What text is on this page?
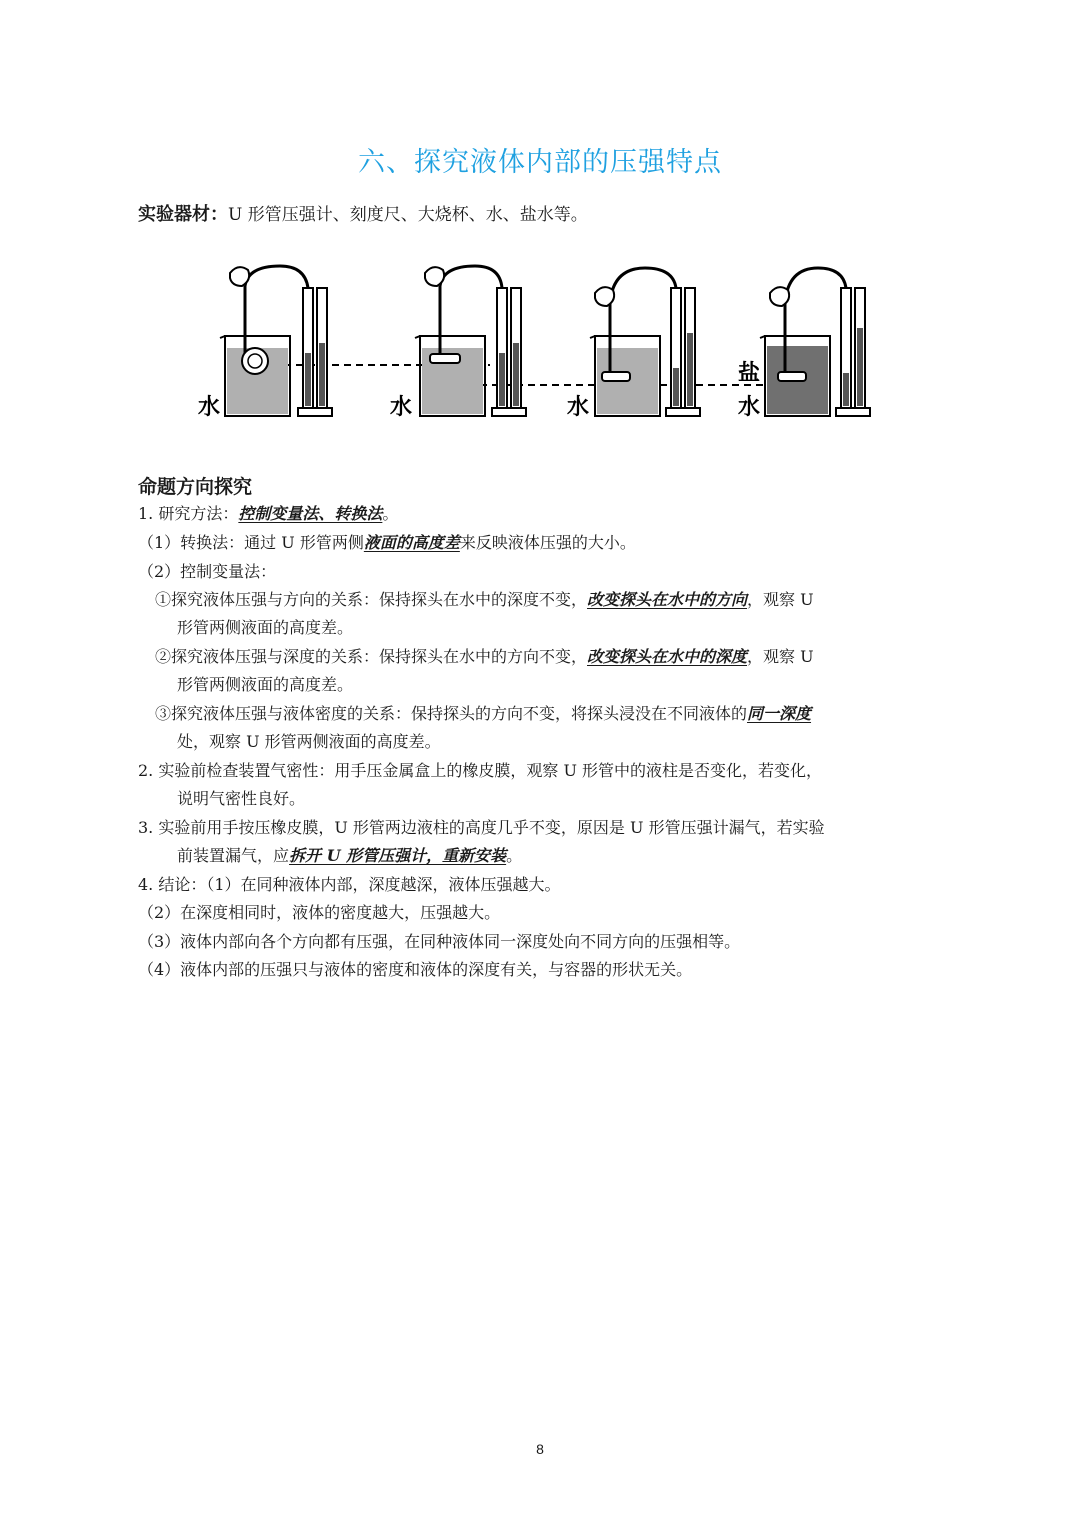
六、探究液体内部的压强特点
实验器材：U 形管压强计、刻度尺、大烧杯、水、盐水等。
水	水	水
盐
水
命题方向探究
1. 研究方法：控制变量法、转换法。
（1）转换法：通过 U 形管两侧液面的高度差来反映液体压强的大小。
（2）控制变量法：
①探究液体压强与方向的关系：保持探头在水中的深度不变，改变探头在水中的方向，观察 U
形管两侧液面的高度差。
②探究液体压强与深度的关系：保持探头在水中的方向不变，改变探头在水中的深度，观察 U
形管两侧液面的高度差。
③探究液体压强与液体密度的关系：保持探头的方向不变，将探头浸没在不同液体的同一深度
处，观察 U 形管两侧液面的高度差。
2. 实验前检查装置气密性：用手压金属盒上的橡皮膜，观察 U 形管中的液柱是否变化，若变化，
说明气密性良好。
3. 实验前用手按压橡皮膜，U 形管两边液柱的高度几乎不变，原因是 U 形管压强计漏气，若实验
前装置漏气，应拆开 U 形管压强计，重新安装。
4. 结论：（1）在同种液体内部，深度越深，液体压强越大。
（2）在深度相同时，液体的密度越大，压强越大。
（3）液体内部向各个方向都有压强，在同种液体同一深度处向不同方向的压强相等。
（4）液体内部的压强只与液体的密度和液体的深度有关，与容器的形状无关。
8
